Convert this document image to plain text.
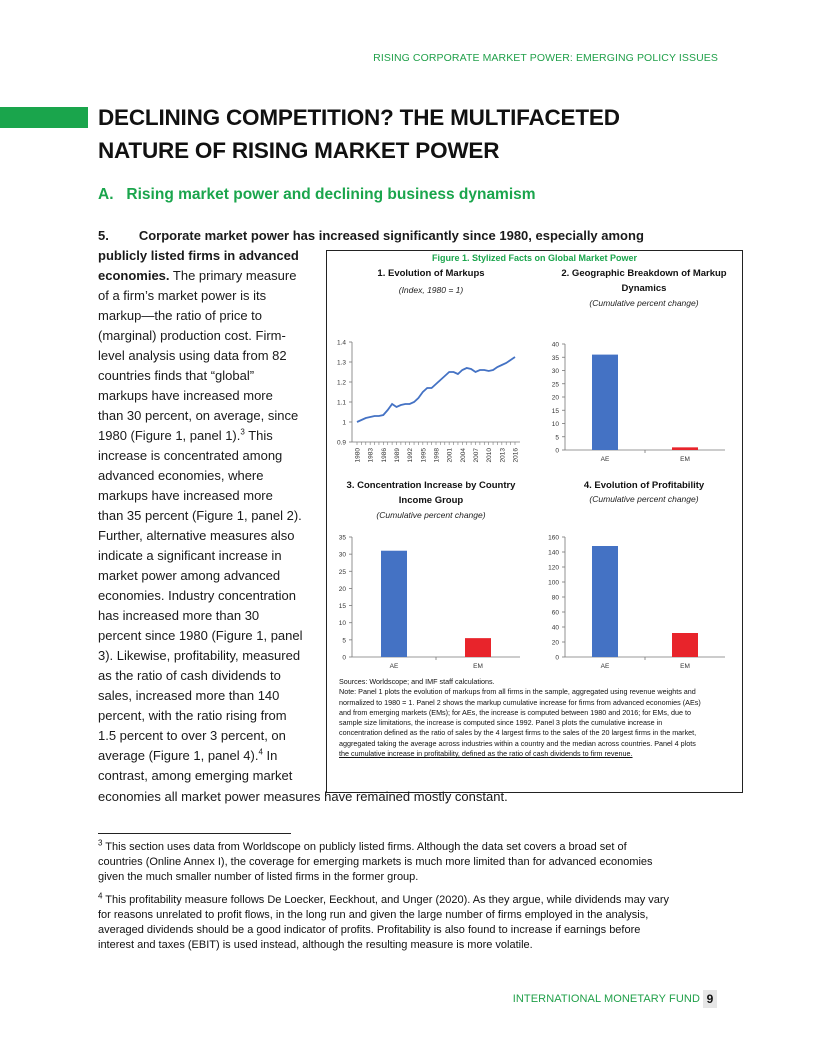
RISING CORPORATE MARKET POWER: EMERGING POLICY ISSUES
DECLINING COMPETITION? THE MULTIFACETED
NATURE OF RISING MARKET POWER
A.   Rising market power and declining business dynamism
5. Corporate market power has increased significantly since 1980, especially among
publicly listed firms in advanced
economies. The primary measure
of a firm’s market power is its
markup—the ratio of price to
(marginal) production cost. Firm-
level analysis using data from 82
countries finds that “global”
markups have increased more
than 30 percent, on average, since
1980 (Figure 1, panel 1).$^3$ This
increase is concentrated among
advanced economies, where
markups have increased more
than 35 percent (Figure 1, panel 2).
Further, alternative measures also
indicate a significant increase in
market power among advanced
economies. Industry concentration
has increased more than 30
percent since 1980 (Figure 1, panel
3). Likewise, profitability, measured
as the ratio of cash dividends to
sales, increased more than 140
percent, with the ratio rising from
1.5 percent to over 3 percent, on
average (Figure 1, panel 4).$^4$ In
contrast, among emerging market
economies all market power measures have remained mostly constant.
Figure 1. Stylized Facts on Global Market Power
1. Evolution of Markups
(Index, 1980 = 1)
2. Geographic Breakdown of Markup
Dynamics
(Cumulative percent change)
3. Concentration Increase by Country
Income Group
(Cumulative percent change)
4. Evolution of Profitability
(Cumulative percent change)
0.9
1
1.1
1.2
1.3
1.4
1980 1983 1986 1989 1992 1995 1998 2001 2004 2007 2010 2013 2016	0
5
10
15
20
25
30
35
40
AE	EM
0
5
10
15
20
25
30
35
AE	EM
0
20
40
60
80
100
120
140
160
AE	EM
Sources: Worldscope; and IMF staff calculations.
Note: Panel 1 plots the evolution of markups from all firms in the sample, aggregated using revenue weights and
normalized to 1980 = 1. Panel 2 shows the markup cumulative increase for firms from advanced economies (AEs)
and from emerging markets (EMs); for AEs, the increase is computed between 1980 and 2016; for EMs, due to
sample size limitations, the increase is computed since 1992. Panel 3 plots the cumulative increase in
concentration defined as the ratio of sales by the 4 largest firms to the sales of the 20 largest firms in the market,
aggregated taking the average across industries within a country and the median across countries. Panel 4 plots
the cumulative increase in profitability, defined as the ratio of cash dividends to firm revenue.
$^3$ This section uses data from Worldscope on publicly listed firms. Although the data set covers a broad set of
countries (Online Annex I), the coverage for emerging markets is much more limited than for advanced economies
given the much smaller number of listed firms in the former group.
$^4$ This profitability measure follows De Loecker, Eeckhout, and Unger (2020). As they argue, while dividends may vary
for reasons unrelated to profit flows, in the long run and given the large number of firms employed in the analysis,
averaged dividends should be a good indicator of profits. Profitability is also found to increase if earnings before
interest and taxes (EBIT) is used instead, although the resulting measure is more volatile.
INTERNATIONAL MONETARY FUND 9
